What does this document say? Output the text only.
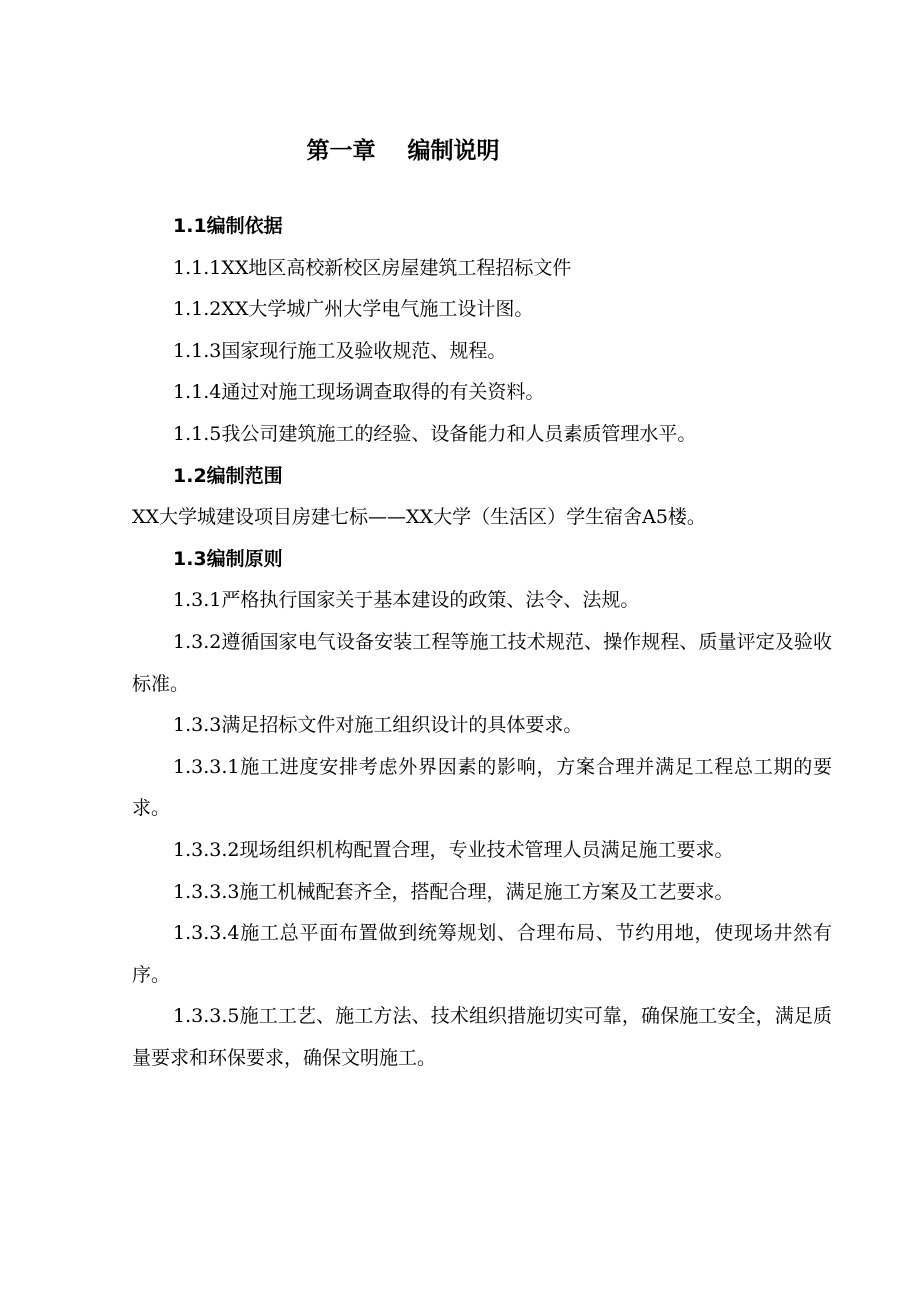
第一章    编制说明

1.1编制依据

1.1.1XX地区高校新校区房屋建筑工程招标文件

1.1.2XX大学城广州大学电气施工设计图。

1.1.3国家现行施工及验收规范、规程。

1.1.4通过对施工现场调查取得的有关资料。

1.1.5我公司建筑施工的经验、设备能力和人员素质管理水平。

1.2编制范围

XX大学城建设项目房建七标——XX大学（生活区）学生宿舍A5楼。

1.3编制原则

1.3.1严格执行国家关于基本建设的政策、法令、法规。

1.3.2遵循国家电气设备安装工程等施工技术规范、操作规程、质量评定及验收标准。

1.3.3满足招标文件对施工组织设计的具体要求。

1.3.3.1施工进度安排考虑外界因素的影响，方案合理并满足工程总工期的要求。

1.3.3.2现场组织机构配置合理，专业技术管理人员满足施工要求。

1.3.3.3施工机械配套齐全，搭配合理，满足施工方案及工艺要求。

1.3.3.4施工总平面布置做到统筹规划、合理布局、节约用地，使现场井然有序。

1.3.3.5施工工艺、施工方法、技术组织措施切实可靠，确保施工安全，满足质量要求和环保要求，确保文明施工。
